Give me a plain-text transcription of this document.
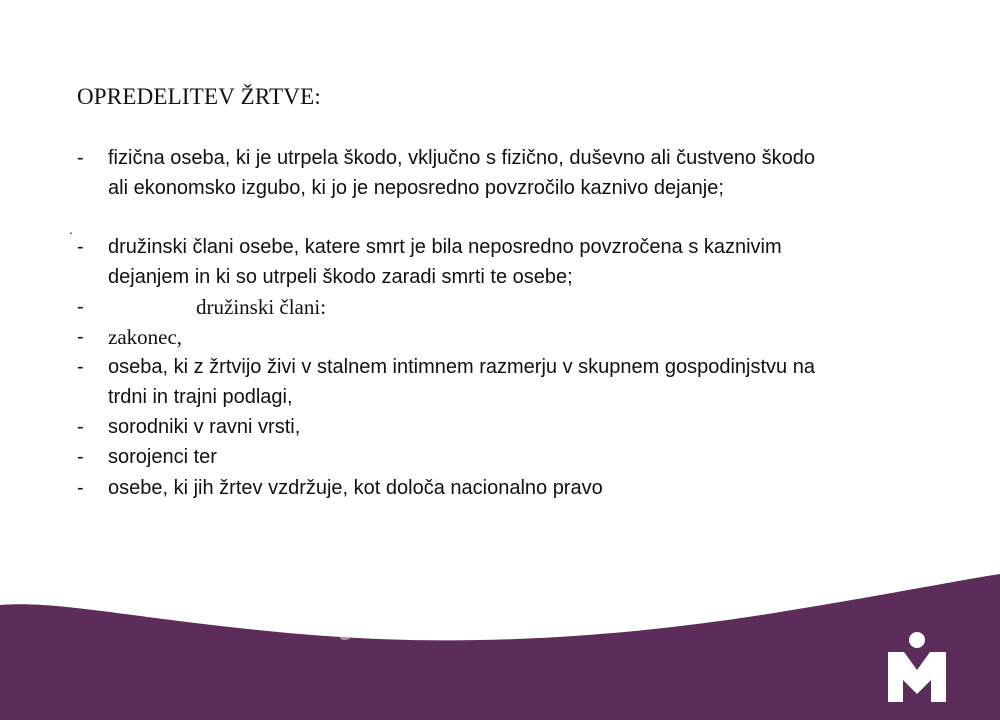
OPREDELITEV ŽRTVE:
.
- fizična oseba, ki je utrpela škodo, vključno s fizično, duševno ali čustveno škodo
ali ekonomsko izgubo, ki jo je neposredno povzročilo kaznivo dejanje;
- družinski člani osebe, katere smrt je bila neposredno povzročena s kaznivim
dejanjem in ki so utrpeli škodo zaradi smrti te osebe;
-	družinski člani:
- zakonec,
- oseba, ki z žrtvijo živi v stalnem intimnem razmerju v skupnem gospodinjstvu na
trdni in trajni podlagi,
- sorodniki v ravni vrsti,
- sorojenci ter
- osebe, ki jih žrtev vzdržuje, kot določa nacionalno pravo
